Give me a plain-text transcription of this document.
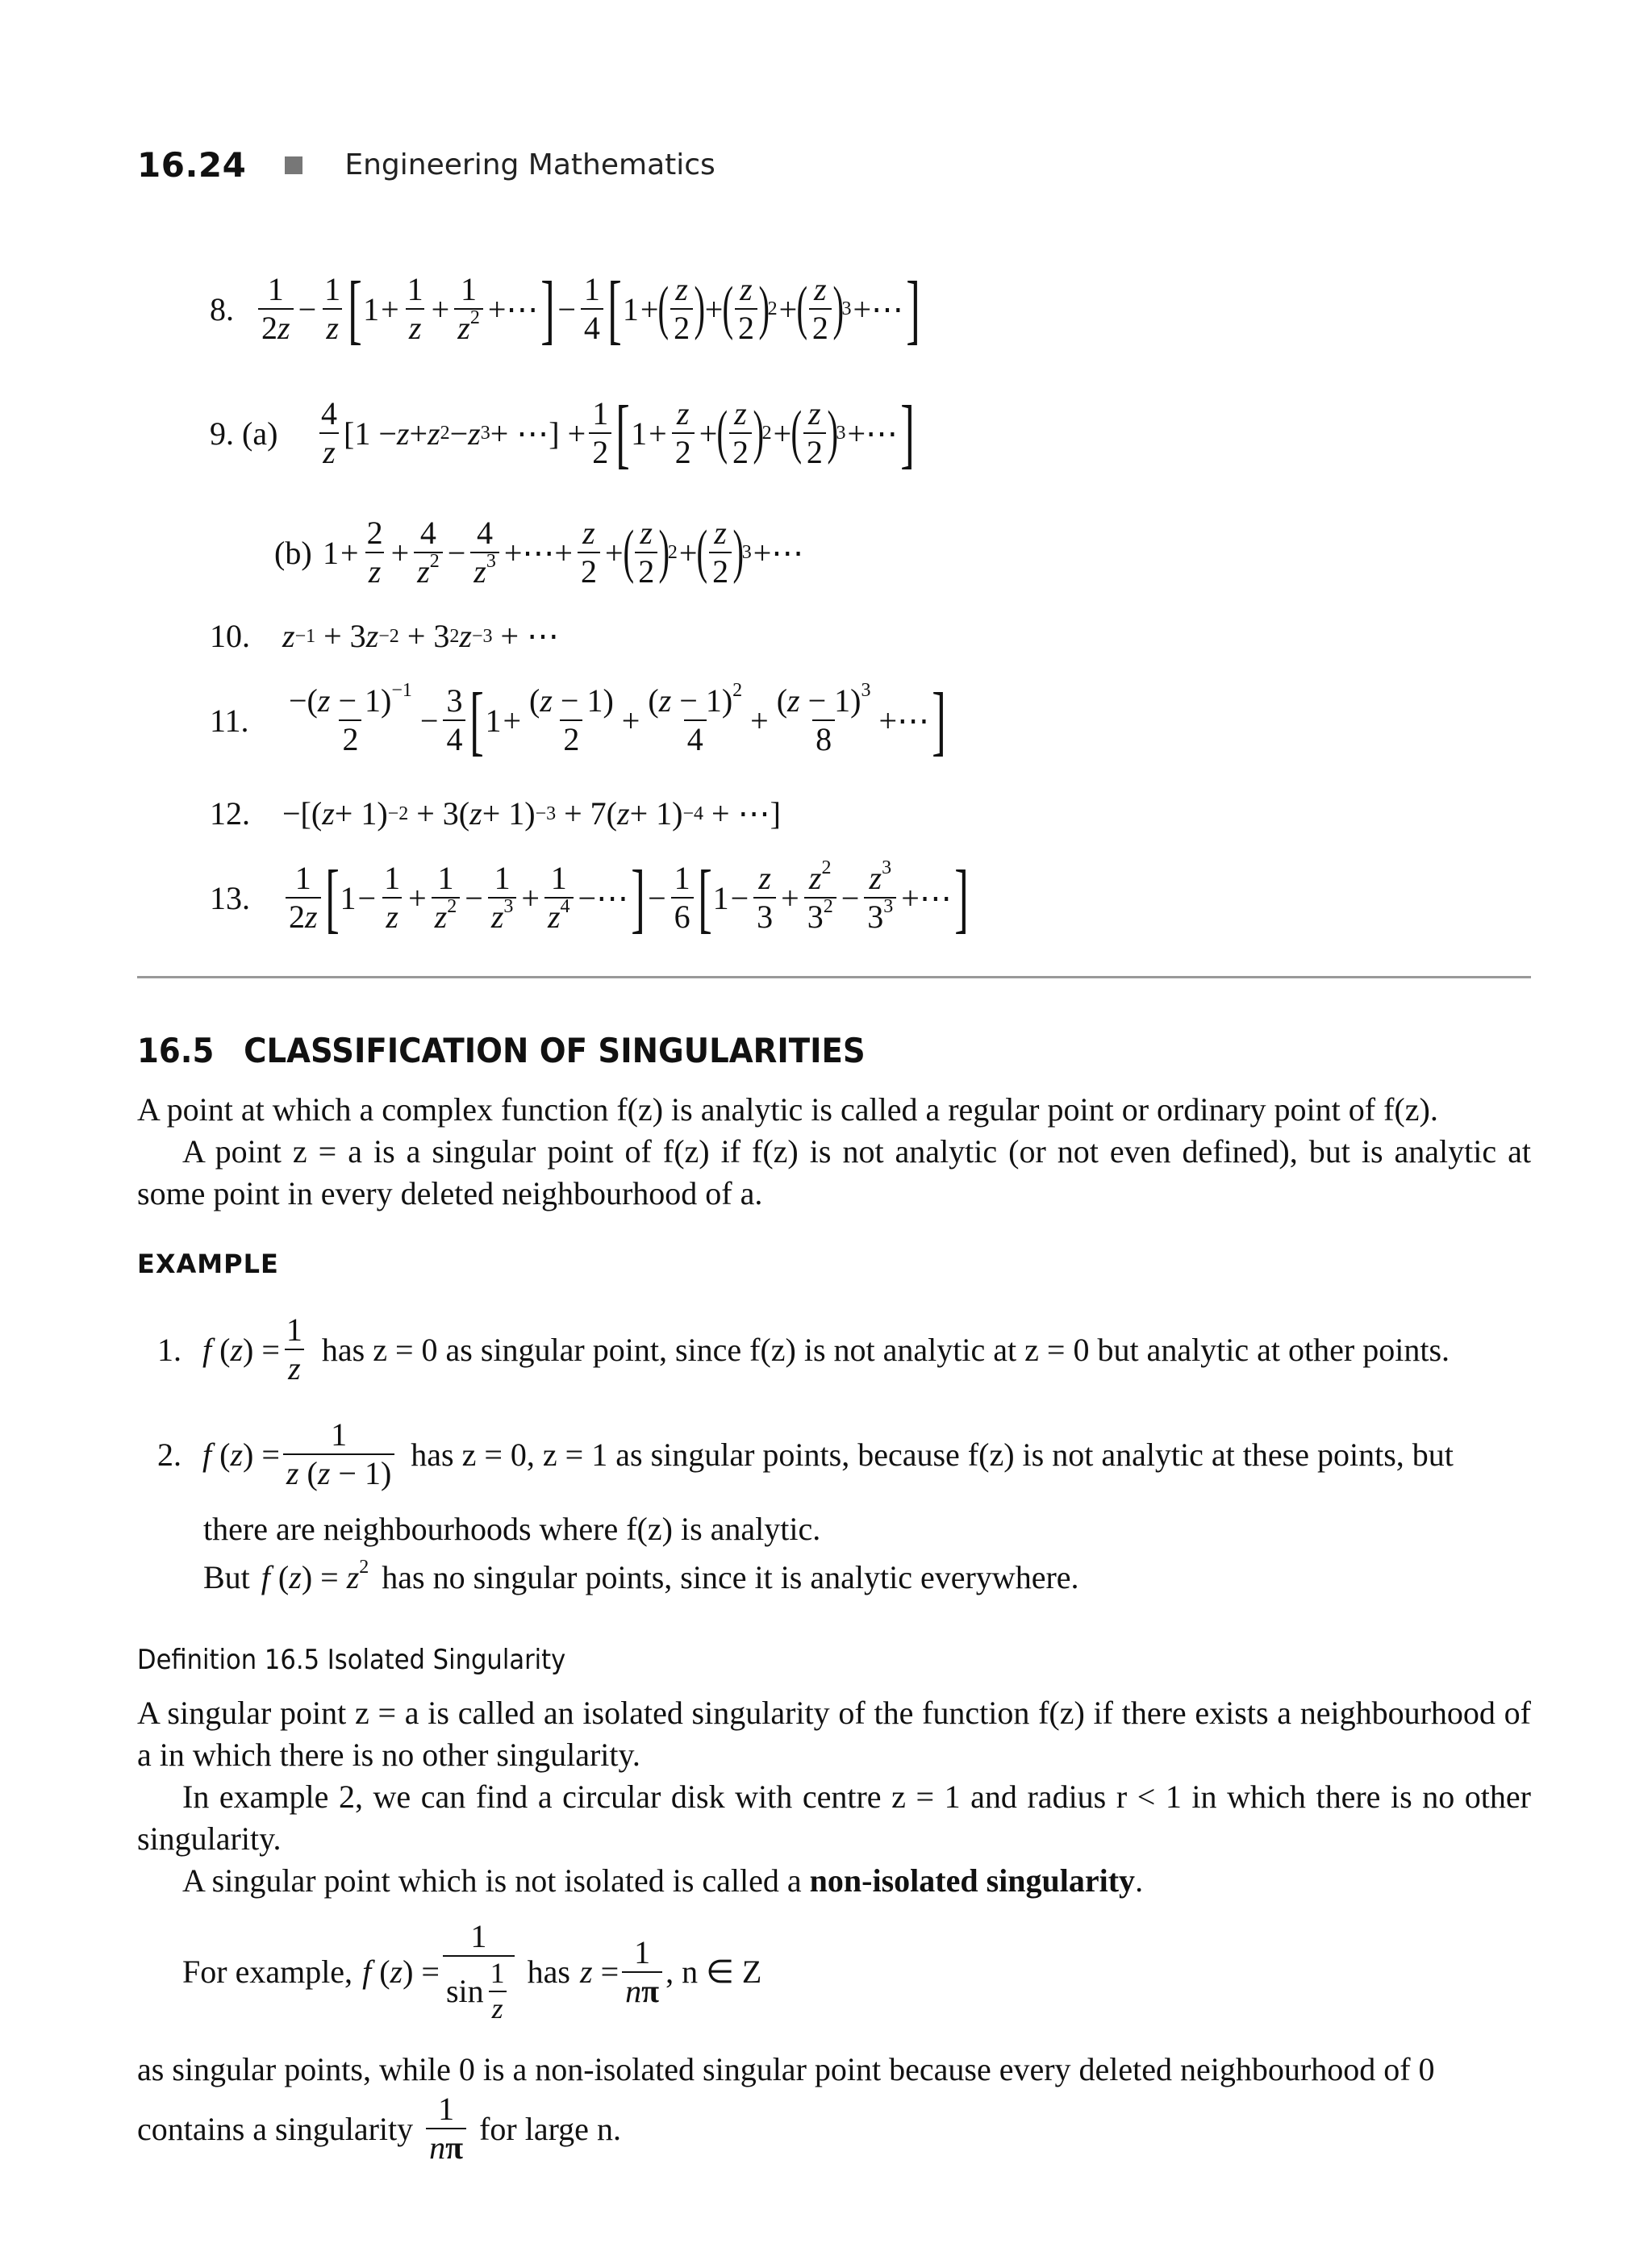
16.24	Engineering Mathematics
8. $\frac{1}{2z} - \frac{1}{z}$ [ $1 + \frac{1}{z} + \frac{1}{z^2}$ +⋯ ] − $\frac{1}{4}$ [ 1 + ( $\frac{z}{2}$ ) + ( $\frac{z}{2}$ )
2 + ( $\frac{z}{2}$ )
3 +⋯ ]
9. (a)	$\frac{4}{z} [1 - z + z$ 2 − z 3 + ⋯] + $\frac{1}{2}$ [ $1 + \frac{z}{2}$ + ( $\frac{z}{2}$ )
2 + ( $\frac{z}{2}$ )
3 +⋯ ]
(b) $1 + \frac{2}{z} + \frac{4}{z^2} - \frac{4}{z^3}$ +⋯+ $\frac{z}{2}$ + ( $\frac{z}{2}$ )
2 + ( $\frac{z}{2}$ )
3 +⋯
10.	z −1 + 3 z −2 + 3 2 z −3 + ⋯
11.	$\frac{-(z - 1)^{-1}}{2} - \frac{3}{4}$ [ $1 + \frac{(z - 1)}{2} + \frac{(z - 1)^2}{4} + \frac{(z - 1)^3}{8}$ +⋯ ]
12.	−[( z + 1) −2 + 3( z + 1) −3 + 7( z + 1) −4 + ⋯]
13.	$\frac{1}{2z}$ [ $1 - \frac{1}{z} + \frac{1}{z^2} - \frac{1}{z^3} + \frac{1}{z^4}$ −⋯ ] − $\frac{1}{6}$ [ $1 - \frac{z}{3} + \frac{z^2}{3^2} - \frac{z^3}{3^3}$ +⋯ ]
16.5 CLASSIFICATION OF SINGULARITIES
A point at which a complex function f(z) is analytic is called a regular point or ordinary point of f(z).
A point z = a is a singular point of f(z) if f(z) is not analytic (or not even defined), but is analytic at some point in every deleted neighbourhood of a.
EXAMPLE
1. f ( z ) = $\frac{1}{z}$ has z = 0 as singular point, since f(z) is not analytic at z = 0 but analytic at other points.
2. f ( z ) = $\frac{1}{z (z - 1)}$ has z = 0, z = 1 as singular points, because f(z) is not analytic at these points, but
there are neighbourhoods where f(z) is analytic.
But f $(z) = z^2$ has no singular points, since it is analytic everywhere.
Definition 16.5 Isolated Singularity
A singular point z = a is called an isolated singularity of the function f(z) if there exists a neighbourhood of a in which there is no other singularity.
In example 2, we can find a circular disk with centre z = 1 and radius r < 1 in which there is no other singularity.
A singular point which is not isolated is called a non-isolated singularity.
For example, f $(z) = \frac{1}{\sin \frac{1}{z}}$ has $z = \frac{1}{n\pi}$ , n ∈ Z
as singular points, while 0 is a non-isolated singular point because every deleted neighbourhood of 0
contains a singularity $\frac{1}{n\pi}$ for large n.
